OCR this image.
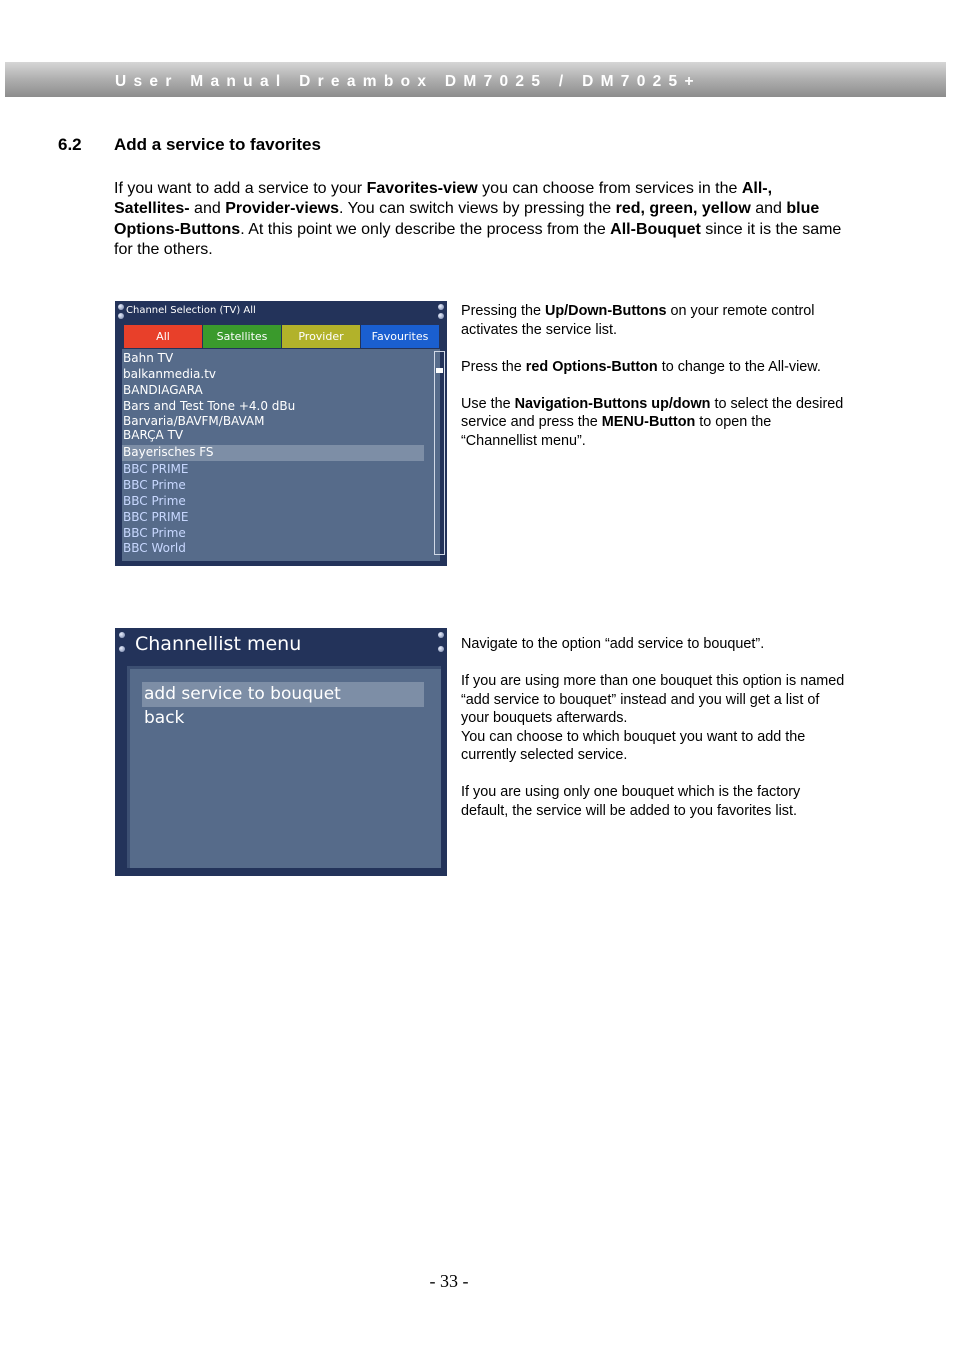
User Manual Dreambox DM7025 / DM7025+
6.2 Add a service to favorites
If you want to add a service to your Favorites-view you can choose from services in the All-, Satellites- and Provider-views. You can switch views by pressing the red, green, yellow and blue Options-Buttons. At this point we only describe the process from the All-Bouquet since it is the same for the others.
Channel Selection (TV) All
All	Satellites	Provider	Favourites
Bahn TV
balkanmedia.tv
BANDIAGARA
Bars and Test Tone +4.0 dBu
Barvaria/BAVFM/BAVAM
BARÇA TV
Bayerisches FS
BBC PRIME
BBC Prime
BBC Prime
BBC PRIME
BBC Prime
BBC World

Pressing the Up/Down-Buttons on your remote control activates the service list.

Press the red Options-Button to change to the All-view.

Use the Navigation-Buttons up/down to select the desired service and press the MENU-Button to open the “Channellist menu”.

Channellist menu
add service to bouquet
back

Navigate to the option “add service to bouquet”.

If you are using more than one bouquet this option is named “add service to bouquet” instead and you will get a list of your bouquets afterwards.

You can choose to which bouquet you want to add the currently selected service.

If you are using only one bouquet which is the factory default, the service will be added to you favorites list.

- 33 -
